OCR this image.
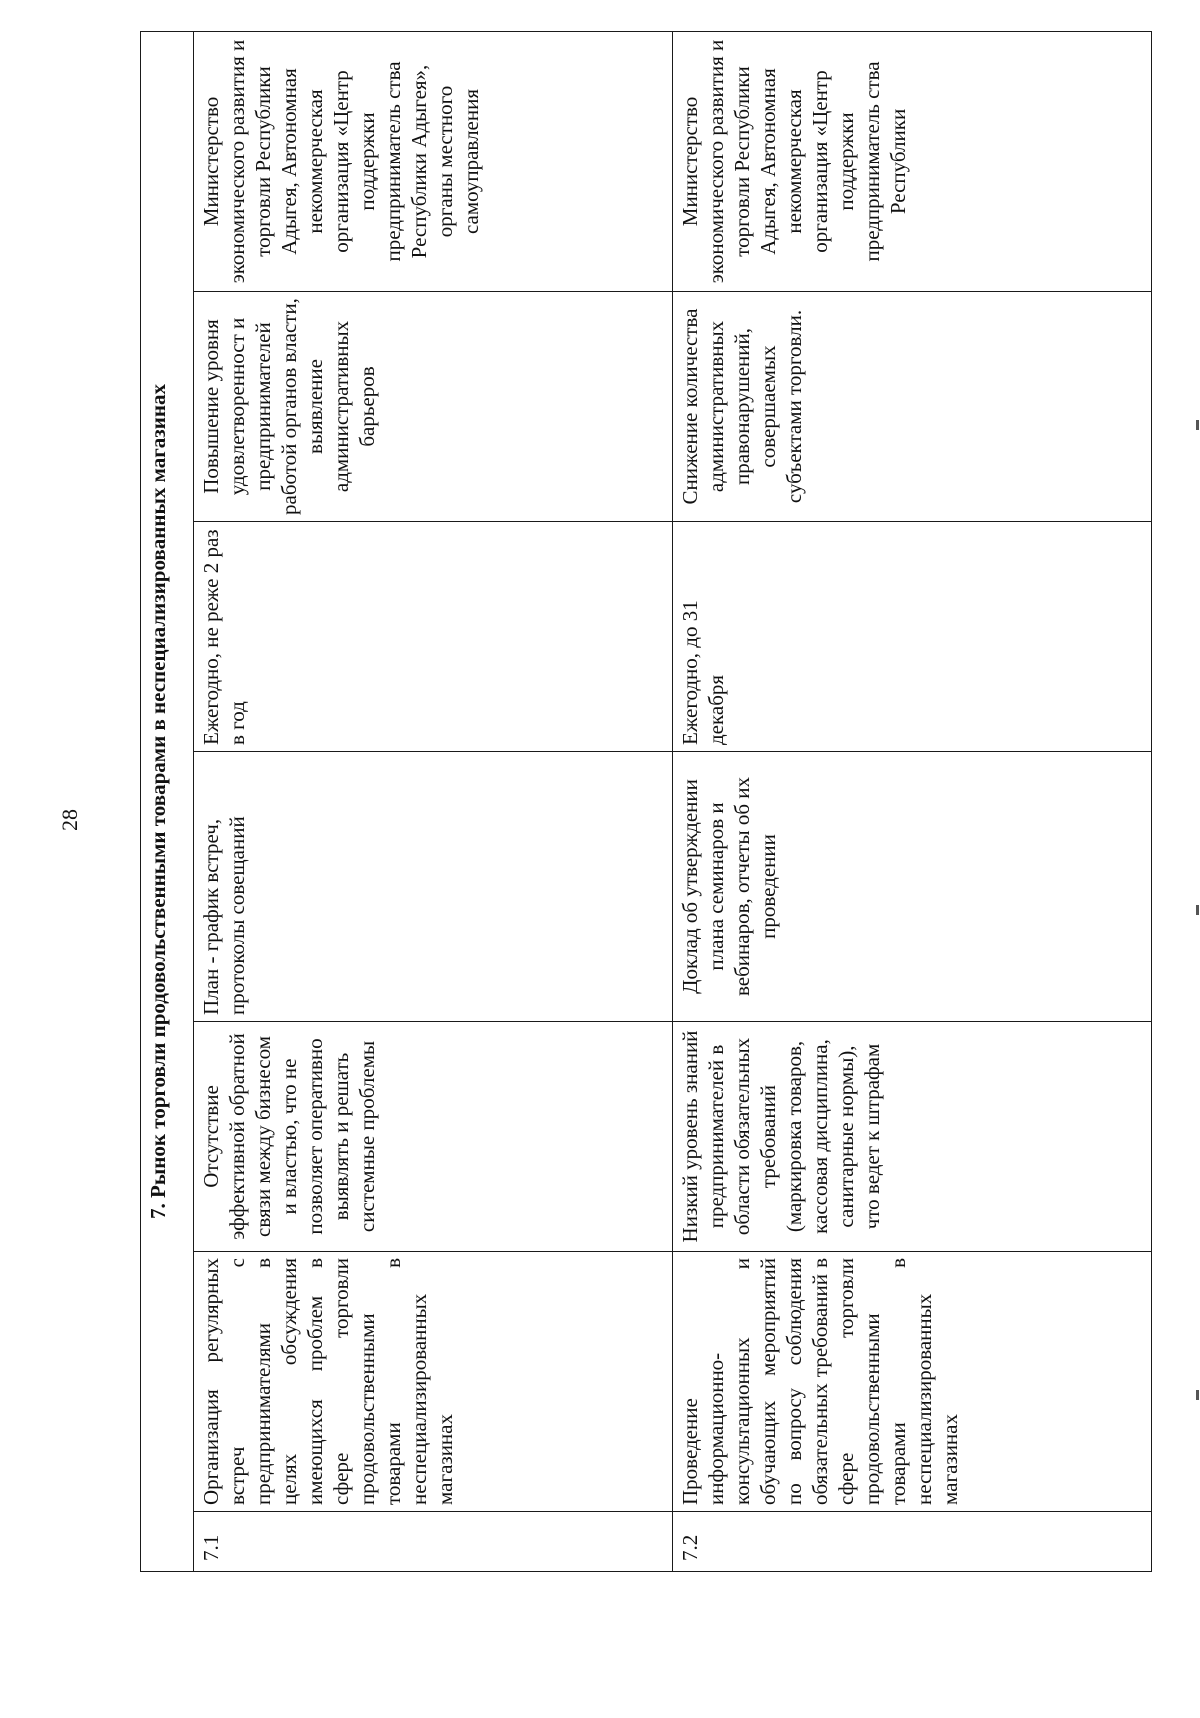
28	7. Рынок торговли продовольственными товарами в неспециализированных магазинах						
7.1	Организация регулярных встреч с предпринимателями в целях обсуждения имеющихся проблем в сфере торговли продовольственными товарами в неспециализированных магазинах	Отсутствие эффективной обратной связи между бизнесом и властью, что не позволяет оперативно выявлять и решать системные проблемы	План - график встреч, протоколы совещаний	Ежегодно, не реже 2 раз в год	Повышение уровня удовлетворенност и предпринимателей работой органов власти, выявление административных барьеров	Министерство экономического развития и торговли Республики Адыгея, Автономная некоммерческая организация «Центр поддержки предприниматель ства Республики Адыгея», органы местного самоуправления
7.2	Проведение информационно-консультационных и обучающих мероприятий по вопросу соблюдения обязательных требований в сфере торговли продовольственными товарами в неспециализированных магазинах	Низкий уровень знаний предпринимателей в области обязательных требований (маркировка товаров, кассовая дисциплина, санитарные нормы), что ведет к штрафам	Доклад об утверждении плана семинаров и вебинаров, отчеты об их проведении	Ежегодно, до 31 декабря	Снижение количества административных правонарушений, совершаемых субъектами торговли.	Министерство экономического развития и торговли Республики Адыгея, Автономная некоммерческая организация «Центр поддержки предприниматель ства Республики
